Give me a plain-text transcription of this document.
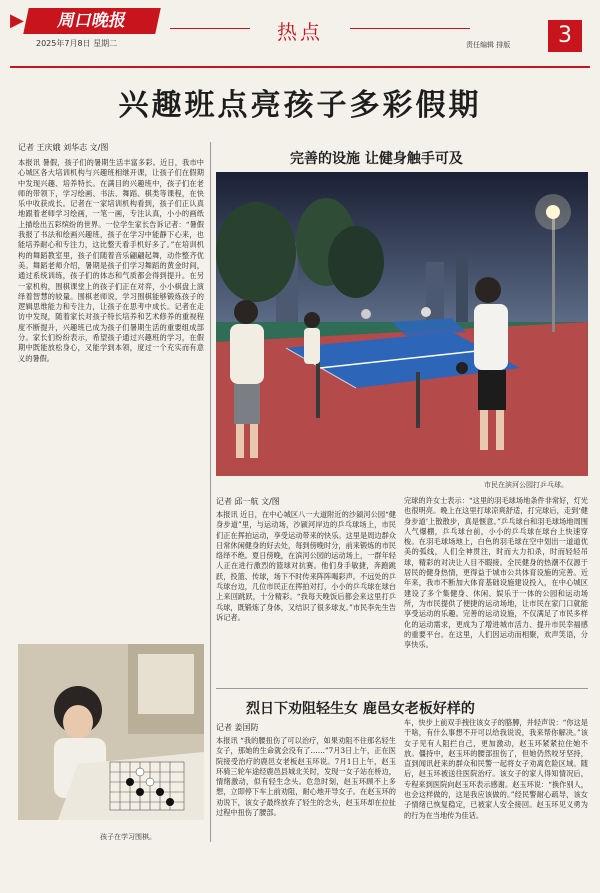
▶	周口晚报
2025年7月8日 星期二	热点
责任编辑 排版	3
兴趣班点亮孩子多彩假期
记者 王庆娥 刘华志 文/图
本报讯 暑假，孩子们的暑期生活丰富多彩。近日，我市中心城区各大培训机构与兴趣班相继开课，让孩子们在假期中发现兴趣、培养特长。在满目的兴趣班中，孩子们在老师的带领下，学习绘画、书法、舞蹈、棋类等课程，在快乐中收获成长。记者在一家培训机构看到，孩子们正认真地跟着老师学习绘画，一笔一画，专注认真，小小的画纸上描绘出五彩缤纷的世界。一位学生家长告诉记者：“暑假我报了书法和绘画兴趣班，孩子在学习中能静下心来，也能培养耐心和专注力，这比整天看手机好多了。”在培训机构的舞蹈教室里，孩子们随着音乐翩翩起舞，动作整齐优美。舞蹈老师介绍，暑期是孩子们学习舞蹈的黄金时间，通过系统训练，孩子们的体态和气质都会得到提升。在另一家机构，围棋课堂上的孩子们正在对弈，小小棋盘上演绎着智慧的较量。围棋老师说，学习围棋能够锻炼孩子的逻辑思维能力和专注力，让孩子在思考中成长。记者在走访中发现，随着家长对孩子特长培养和艺术修养的重视程度不断提升，兴趣班已成为孩子们暑期生活的重要组成部分。家长们纷纷表示，希望孩子通过兴趣班的学习，在假期中既能放松身心，又能学到本领，度过一个充实而有意义的暑假。
孩子在学习围棋。
完善的设施 让健身触手可及
市民在滨河公园打乒乓球。
记者 邱一航 文/图
本报讯 近日，在中心城区八一大道附近的沙颍河公园“健身步道”里，与运动场，沙颍河岸边的乒乓球场上，市民们正在挥拍运动，享受运动带来的快乐。这里是周边群众日常休闲健身的好去处，每到傍晚时分，前来锻炼的市民络绎不绝。夏日傍晚，在滨河公园的运动场上，一群年轻人正在进行激烈的篮球对抗赛。他们身手敏捷，奔跑跳跃，投篮、传球，场下不时传来阵阵喝彩声。不远处的乒乓球台边，几位市民正在挥拍对打，小小的乒乓球在球台上来回跳跃，十分精彩。“我每天晚饭后都会来这里打乒乓球，既锻炼了身体，又结识了很多球友。”市民李先生告诉记者。
完球的许女士表示：“这里的羽毛球场地条件非常好，灯光也很明亮。晚上在这里打球凉爽舒适，打完球后，走到‘健身步道’上散散步，真是惬意。”乒乓球台和羽毛球场地周围人气爆棚，乒乓球台前，小小的乒乓球在球台上快速穿梭。在羽毛球场地上，白色的羽毛球在空中划出一道道优美的弧线，人们全神贯注，时而大力扣杀，时而轻轻吊球，精彩的对决让人目不暇接。全民健身的热潮不仅源于居民的健身热情，更得益于城市公共体育设施的完善。近年来，我市不断加大体育基础设施建设投入，在中心城区建设了多个集健身、休闲、娱乐于一体的公园和运动场所，为市民提供了便捷的运动场地，让市民在家门口就能享受运动的乐趣。完善的运动设施，不仅满足了市民多样化的运动需求，更成为了增进城市活力、提升市民幸福感的重要平台。在这里，人们因运动而相聚，欢声笑语，分享快乐。
烈日下劝阻轻生女 鹿邑女老板好样的
记者 姜国防
本报讯 “我的腰扭伤了可以治疗，如果劝阻不住那名轻生女子，那她的生命就会没有了……”7月3日上午，正在医院接受治疗的鹿邑女老板赵玉环说。7月1日上午，赵玉环骑三轮车途经鹿邑县城北关时，发现一女子站在桥边，情绪激动，似有轻生念头。危急时刻，赵玉环顾不上多想，立即停下车上前劝阻，耐心地开导女子。在赵玉环的劝说下，该女子最终放弃了轻生的念头，赵玉环却在拉扯过程中扭伤了腰部。
车，快步上前双手拽住该女子的胳膊，并轻声说：“你这是干啥，有什么事想不开可以给我说说，我来帮你解决。”该女子见有人阻拦自己，更加激动，赵玉环紧紧拉住她不放。僵持中，赵玉环的腰部扭伤了，但她仍然咬牙坚持，直到闻讯赶来的群众和民警一起将女子劝离危险区域。随后，赵玉环被送往医院治疗。该女子的家人得知情况后，专程来到医院向赵玉环表示感谢。赵玉环说：“换作别人，也会这样做的，这是我应该做的。”经民警耐心疏导，该女子情绪已恢复稳定，已被家人安全接回。赵玉环见义勇为的行为在当地传为佳话。
